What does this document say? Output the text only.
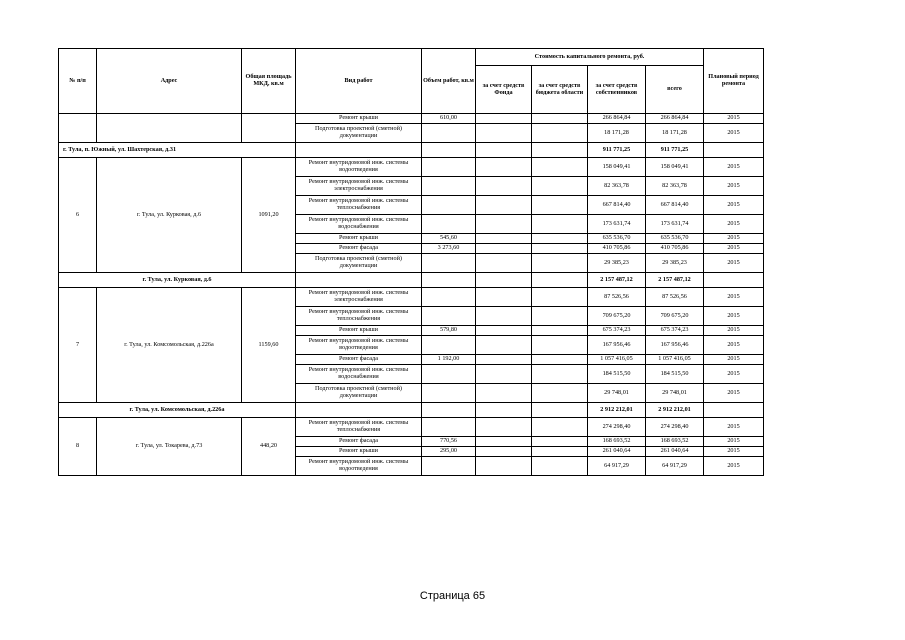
№ п/п	Адрес	Общая площадь МКД, кв.м	Вид работ	Объем работ, кв.м	Стоимость капитального ремонта, руб.				Плановый период ремонта
					за счет средств Фонда	за счет средств бюджета области	за счет средств собственников	всего	
			Ремонт крыши	610,00			266 864,84	266 864,84	2015
			Подготовка проектной (сметной) документации				18 171,28	18 171,28	2015
г. Тула, п. Южный, ул. Шахтерская, д.31							911 771,25	911 771,25	
6	г. Тула, ул. Курковая, д.6	1091,20	Ремонт внутридомовой инж. системы водоотведения				158 049,41	158 049,41	2015
			Ремонт внутридомовой инж. системы электроснабжения				82 363,78	82 363,78	2015
			Ремонт внутридомовой инж. системы теплоснабжения				667 814,40	667 814,40	2015
			Ремонт внутридомовой инж. системы водоснабжения				173 631,74	173 631,74	2015
			Ремонт крыши	545,60			635 536,70	635 536,70	2015
			Ремонт фасада	3 273,60			410 705,86	410 705,86	2015
			Подготовка проектной (сметной) документации				29 385,23	29 385,23	2015
г. Тула, ул. Курковая, д.6							2 157 487,12	2 157 487,12	
7	г. Тула, ул. Комсомольская, д.226а	1159,60	Ремонт внутридомовой инж. системы электроснабжения				87 526,56	87 526,56	2015
			Ремонт внутридомовой инж. системы теплоснабжения				709 675,20	709 675,20	2015
			Ремонт крыши	579,80			675 374,23	675 374,23	2015
			Ремонт внутридомовой инж. системы водоотведения				167 956,46	167 956,46	2015
			Ремонт фасада	1 192,00			1 057 416,05	1 057 416,05	2015
			Ремонт внутридомовой инж. системы водоснабжения				184 515,50	184 515,50	2015
			Подготовка проектной (сметной) документации				29 748,01	29 748,01	2015
г. Тула, ул. Комсомольская, д.226а							2 912 212,01	2 912 212,01	
8	г. Тула, ул. Токарева, д.73	448,20	Ремонт внутридомовой инж. системы теплоснабжения				274 298,40	274 298,40	2015
			Ремонт фасада	770,56			168 693,52	168 693,52	2015
			Ремонт крыши	295,00			261 040,64	261 040,64	2015
			Ремонт внутридомовой инж. системы водоотведения				64 917,29	64 917,29	2015
Страница 65
